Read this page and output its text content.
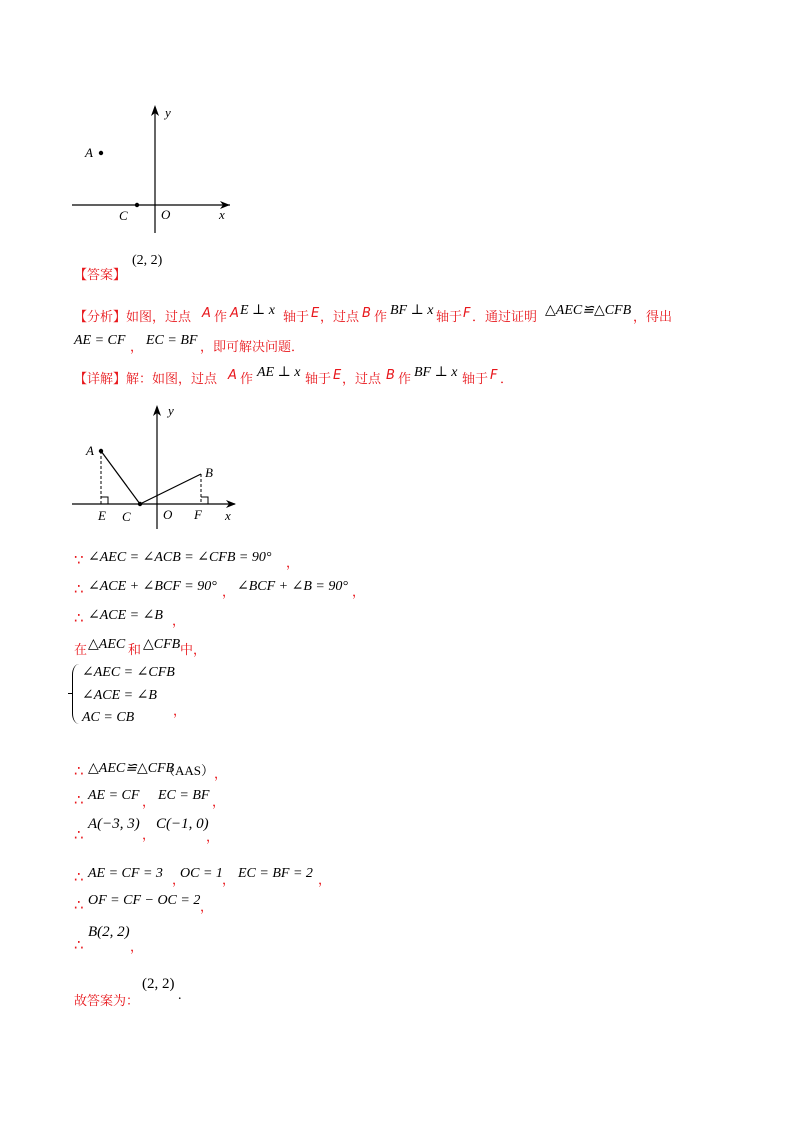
A
C	O	x
y
【答案】
(2, 2)
【分析】 如图，过点 A 作 A E ⊥ x 轴于 E ，过点 B 作 BF ⊥ x 轴于 F ．通过证明 △AEC≌△CFB ，得出
AE = CF ， EC = BF ，即可解决问题．
【详解】 解：如图，过点 A 作 AE ⊥ x 轴于 E ，过点 B 作 BF ⊥ x 轴于 F ．
A
B
E C O F x
y
∵ ∠AEC = ∠ACB = ∠CFB = 90° ，
∴ ∠ACE + ∠BCF = 90° ， ∠BCF + ∠B = 90° ，
∴ ∠ACE = ∠B ，
在 △AEC 和 △CFB 中，
∠AEC = ∠CFB
∠ACE = ∠B
AC = CB	，
∴ △AEC≌△CFB
（AAS） ，
∴ AE = CF ， EC = BF ，
∴
A(−3, 3)
，
C(−1, 0)
，
∴ AE = CF = 3 ，
OC = 1 ， EC = BF = 2 ，
∴ OF = CF − OC = 2 ，
∴
B(2, 2)
，
故答案为：
(2, 2)
.
